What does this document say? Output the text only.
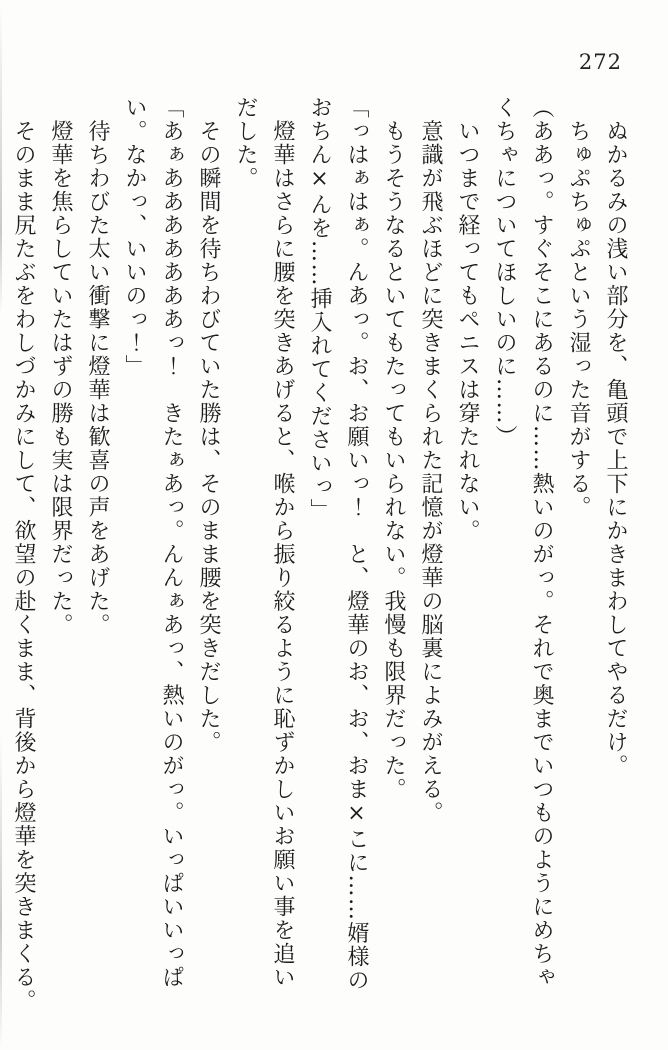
272

　ぬかるみの浅い部分を、亀頭で上下にかきまわしてやるだけ。

　ちゅぷちゅぷという湿った音がする。

（ああっ。すぐそこにあるのに……熱いのがっ。それで奥までいつものようにめちゃ

くちゃについてほしいのに……）

　いつまで経ってもペニスは穿たれない。

　意識が飛ぶほどに突きまくられた記憶が燈華の脳裏によみがえる。

　もうそうなるといてもたってもいられない。我慢も限界だった。

「っはぁはぁ。んあっ。お、お願いっ！　と、燈華のお、お、おま×こに……婿様の

おちん×んを……挿入れてくださいっ」

　燈華はさらに腰を突きあげると、喉から振り絞るように恥ずかしいお願い事を追い

だした。

　その瞬間を待ちわびていた勝は、そのまま腰を突きだした。

「あぁあああああああっ！　きたぁあっ。んんぁあっ、熱いのがっ。いっぱいいっぱ

い。なかっ、いいのっ！」

　待ちわびた太い衝撃に燈華は歓喜の声をあげた。

　燈華を焦らしていたはずの勝も実は限界だった。

　そのまま尻たぶをわしづかみにして、欲望の赴くまま、背後から燈華を突きまくる。
